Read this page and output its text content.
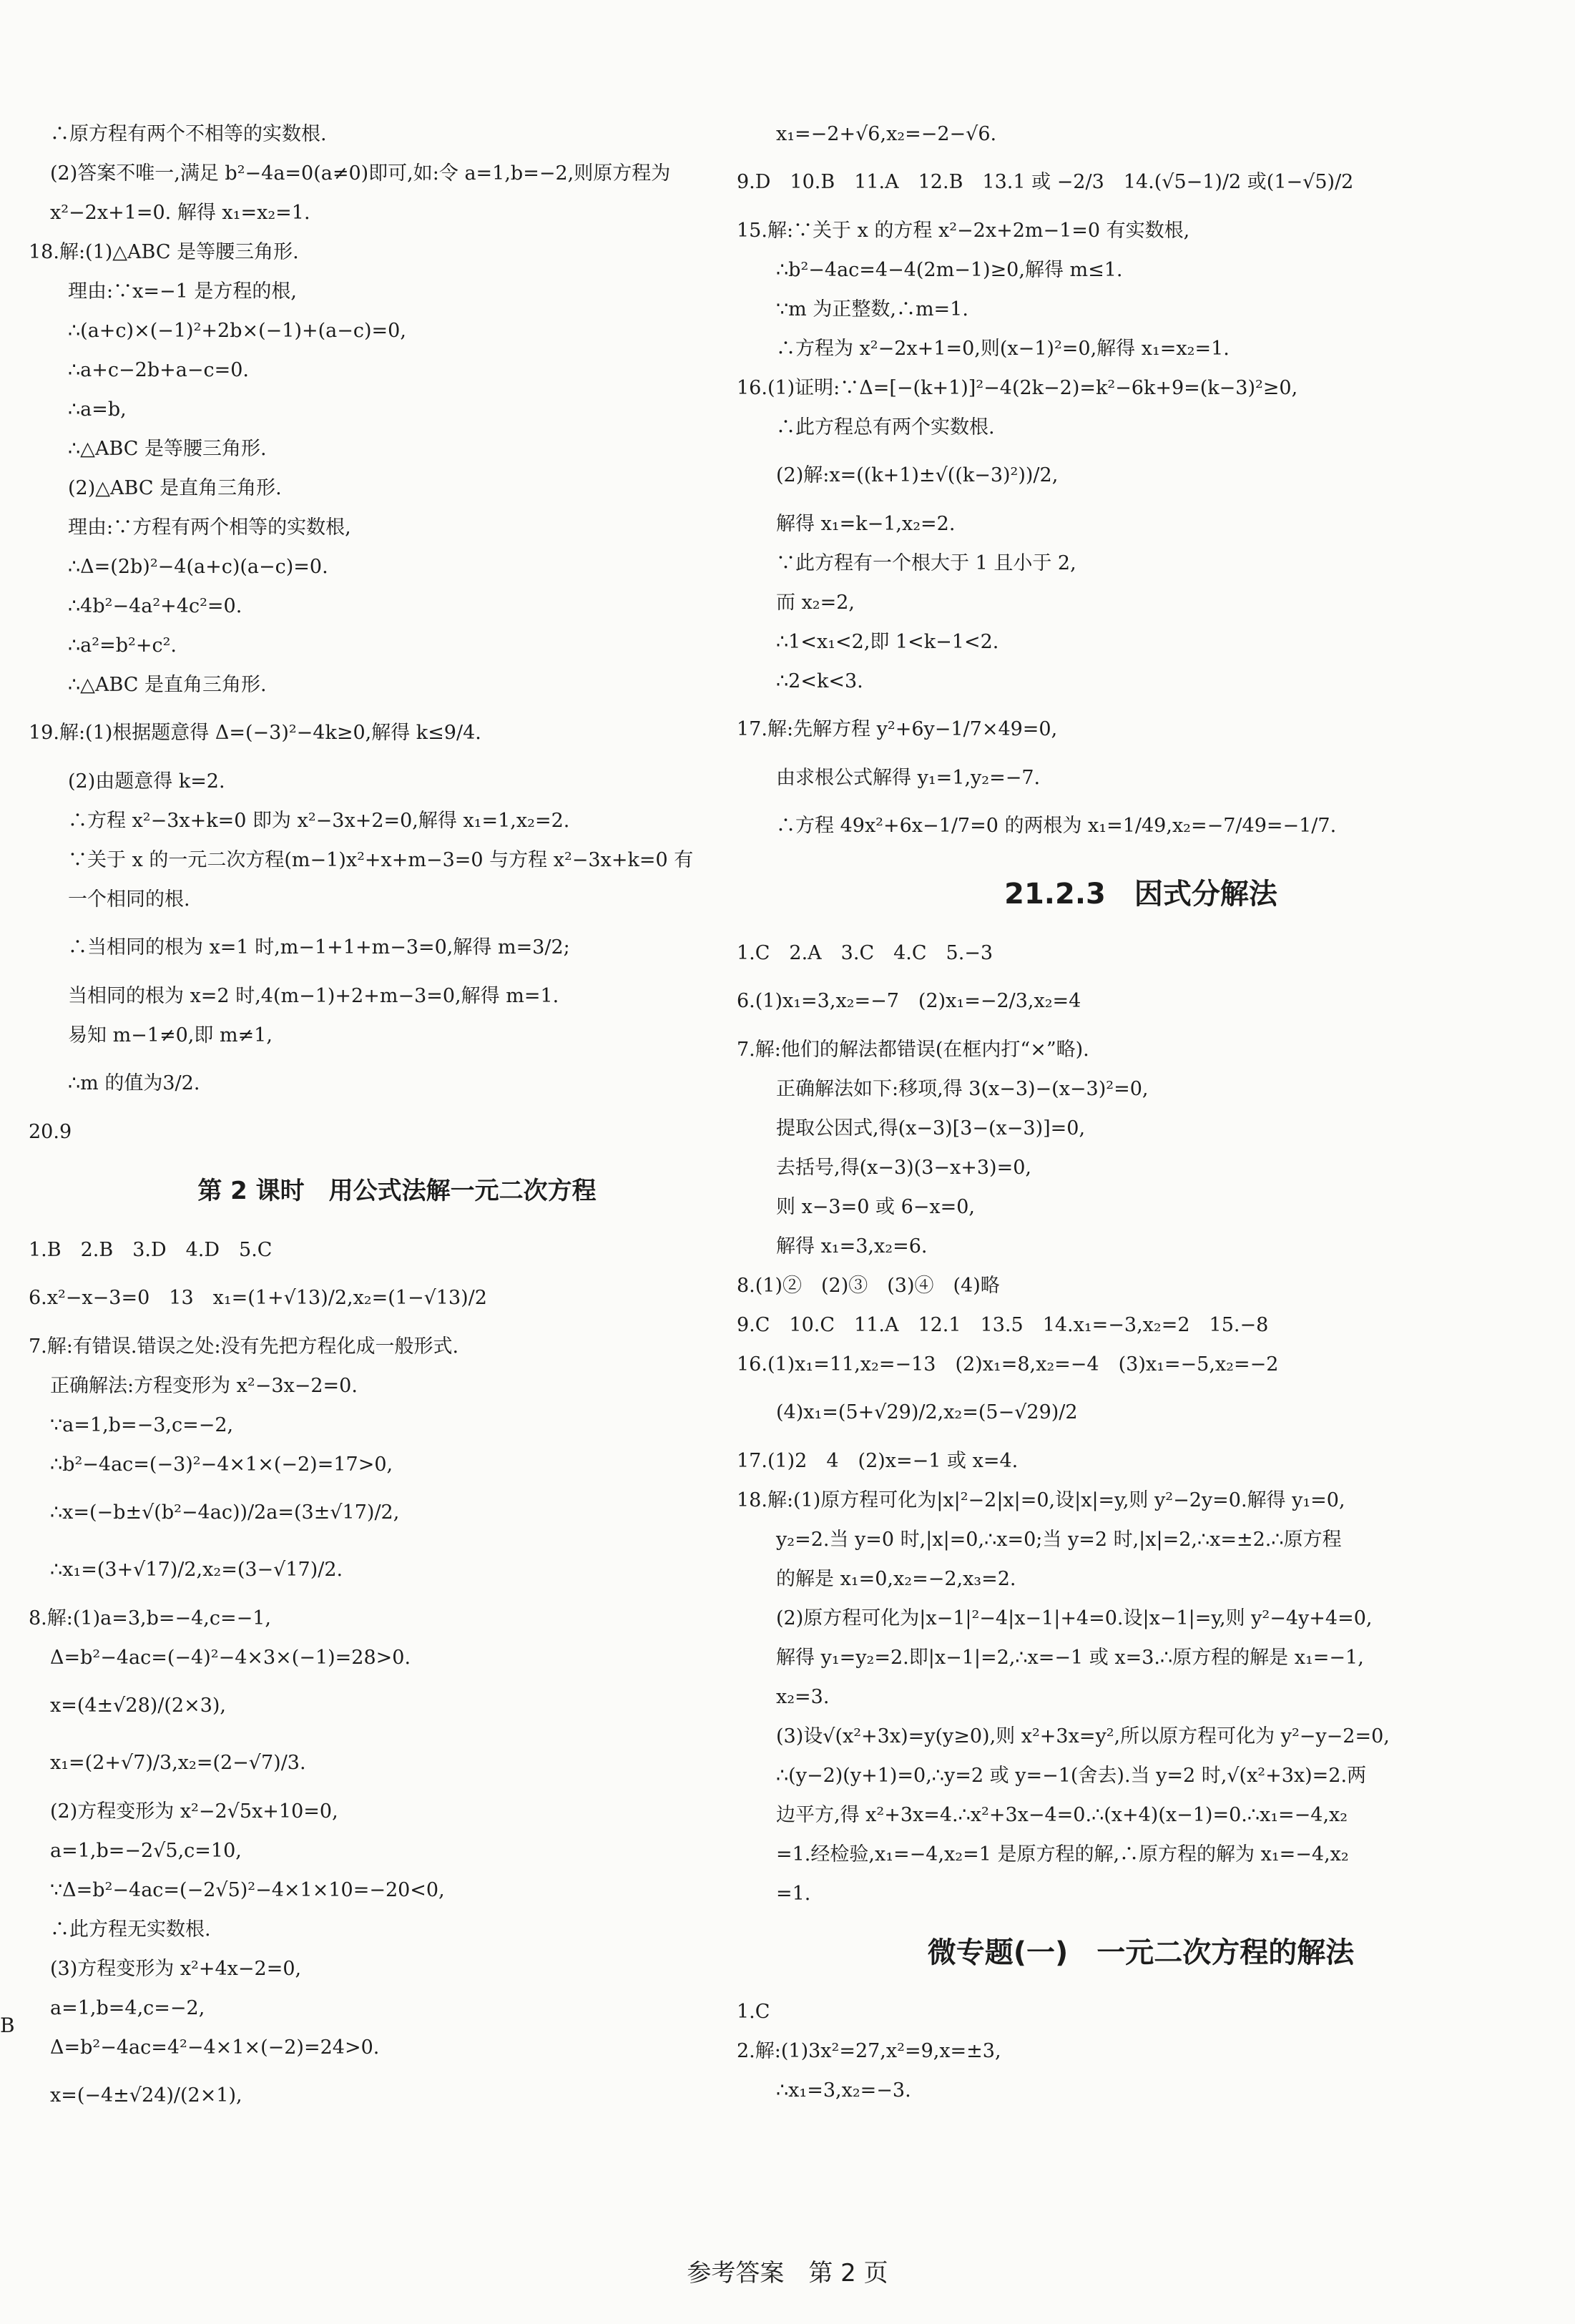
∴原方程有两个不相等的实数根.
(2)答案不唯一,满足 b²−4a=0(a≠0)即可,如:令 a=1,b=−2,则原方程为
x²−2x+1=0. 解得 x₁=x₂=1.
18.解:(1)△ABC 是等腰三角形.
理由:∵x=−1 是方程的根,
∴(a+c)×(−1)²+2b×(−1)+(a−c)=0,
∴a+c−2b+a−c=0.
∴a=b,
∴△ABC 是等腰三角形.
(2)△ABC 是直角三角形.
理由:∵方程有两个相等的实数根,
∴Δ=(2b)²−4(a+c)(a−c)=0.
∴4b²−4a²+4c²=0.
∴a²=b²+c².
∴△ABC 是直角三角形.
19.解:(1)根据题意得 Δ=(−3)²−4k≥0,解得 k≤9/4.
(2)由题意得 k=2.
∴方程 x²−3x+k=0 即为 x²−3x+2=0,解得 x₁=1,x₂=2.
∵关于 x 的一元二次方程(m−1)x²+x+m−3=0 与方程 x²−3x+k=0 有
一个相同的根.
∴当相同的根为 x=1 时,m−1+1+m−3=0,解得 m=3/2;
当相同的根为 x=2 时,4(m−1)+2+m−3=0,解得 m=1.
易知 m−1≠0,即 m≠1,
∴m 的值为3/2.
20.9
第 2 课时　用公式法解一元二次方程
1.B　2.B　3.D　4.D　5.C
6.x²−x−3=0　13　x₁=(1+√13)/2,x₂=(1−√13)/2
7.解:有错误.错误之处:没有先把方程化成一般形式.
正确解法:方程变形为 x²−3x−2=0.
∵a=1,b=−3,c=−2,
∴b²−4ac=(−3)²−4×1×(−2)=17>0,
∴x=(−b±√(b²−4ac))/2a=(3±√17)/2,
∴x₁=(3+√17)/2,x₂=(3−√17)/2.
8.解:(1)a=3,b=−4,c=−1,
Δ=b²−4ac=(−4)²−4×3×(−1)=28>0.
x=(4±√28)/(2×3),
x₁=(2+√7)/3,x₂=(2−√7)/3.
(2)方程变形为 x²−2√5x+10=0,
a=1,b=−2√5,c=10,
∵Δ=b²−4ac=(−2√5)²−4×1×10=−20<0,
∴此方程无实数根.
(3)方程变形为 x²+4x−2=0,
a=1,b=4,c=−2,
Δ=b²−4ac=4²−4×1×(−2)=24>0.
x=(−4±√24)/(2×1),
x₁=−2+√6,x₂=−2−√6.
9.D　10.B　11.A　12.B　13.1 或 −2/3　14.(√5−1)/2 或(1−√5)/2
15.解:∵关于 x 的方程 x²−2x+2m−1=0 有实数根,
∴b²−4ac=4−4(2m−1)≥0,解得 m≤1.
∵m 为正整数,∴m=1.
∴方程为 x²−2x+1=0,则(x−1)²=0,解得 x₁=x₂=1.
16.(1)证明:∵Δ=[−(k+1)]²−4(2k−2)=k²−6k+9=(k−3)²≥0,
∴此方程总有两个实数根.
(2)解:x=((k+1)±√((k−3)²))/2,
解得 x₁=k−1,x₂=2.
∵此方程有一个根大于 1 且小于 2,
而 x₂=2,
∴1<x₁<2,即 1<k−1<2.
∴2<k<3.
17.解:先解方程 y²+6y−1/7×49=0,
由求根公式解得 y₁=1,y₂=−7.
∴方程 49x²+6x−1/7=0 的两根为 x₁=1/49,x₂=−7/49=−1/7.
21.2.3　因式分解法
1.C　2.A　3.C　4.C　5.−3
6.(1)x₁=3,x₂=−7　(2)x₁=−2/3,x₂=4
7.解:他们的解法都错误(在框内打“×”略).
正确解法如下:移项,得 3(x−3)−(x−3)²=0,
提取公因式,得(x−3)[3−(x−3)]=0,
去括号,得(x−3)(3−x+3)=0,
则 x−3=0 或 6−x=0,
解得 x₁=3,x₂=6.
8.(1)②　(2)③　(3)④　(4)略
9.C　10.C　11.A　12.1　13.5　14.x₁=−3,x₂=2　15.−8
16.(1)x₁=11,x₂=−13　(2)x₁=8,x₂=−4　(3)x₁=−5,x₂=−2
(4)x₁=(5+√29)/2,x₂=(5−√29)/2
17.(1)2　4　(2)x=−1 或 x=4.
18.解:(1)原方程可化为|x|²−2|x|=0,设|x|=y,则 y²−2y=0.解得 y₁=0,
y₂=2.当 y=0 时,|x|=0,∴x=0;当 y=2 时,|x|=2,∴x=±2.∴原方程
的解是 x₁=0,x₂=−2,x₃=2.
(2)原方程可化为|x−1|²−4|x−1|+4=0.设|x−1|=y,则 y²−4y+4=0,
解得 y₁=y₂=2.即|x−1|=2,∴x=−1 或 x=3.∴原方程的解是 x₁=−1,
x₂=3.
(3)设√(x²+3x)=y(y≥0),则 x²+3x=y²,所以原方程可化为 y²−y−2=0,
∴(y−2)(y+1)=0,∴y=2 或 y=−1(舍去).当 y=2 时,√(x²+3x)=2.两
边平方,得 x²+3x=4.∴x²+3x−4=0.∴(x+4)(x−1)=0.∴x₁=−4,x₂
=1.经检验,x₁=−4,x₂=1 是原方程的解,∴原方程的解为 x₁=−4,x₂
=1.
微专题(一)　一元二次方程的解法
1.C
2.解:(1)3x²=27,x²=9,x=±3,
∴x₁=3,x₂=−3.
B
参考答案　第 2 页
